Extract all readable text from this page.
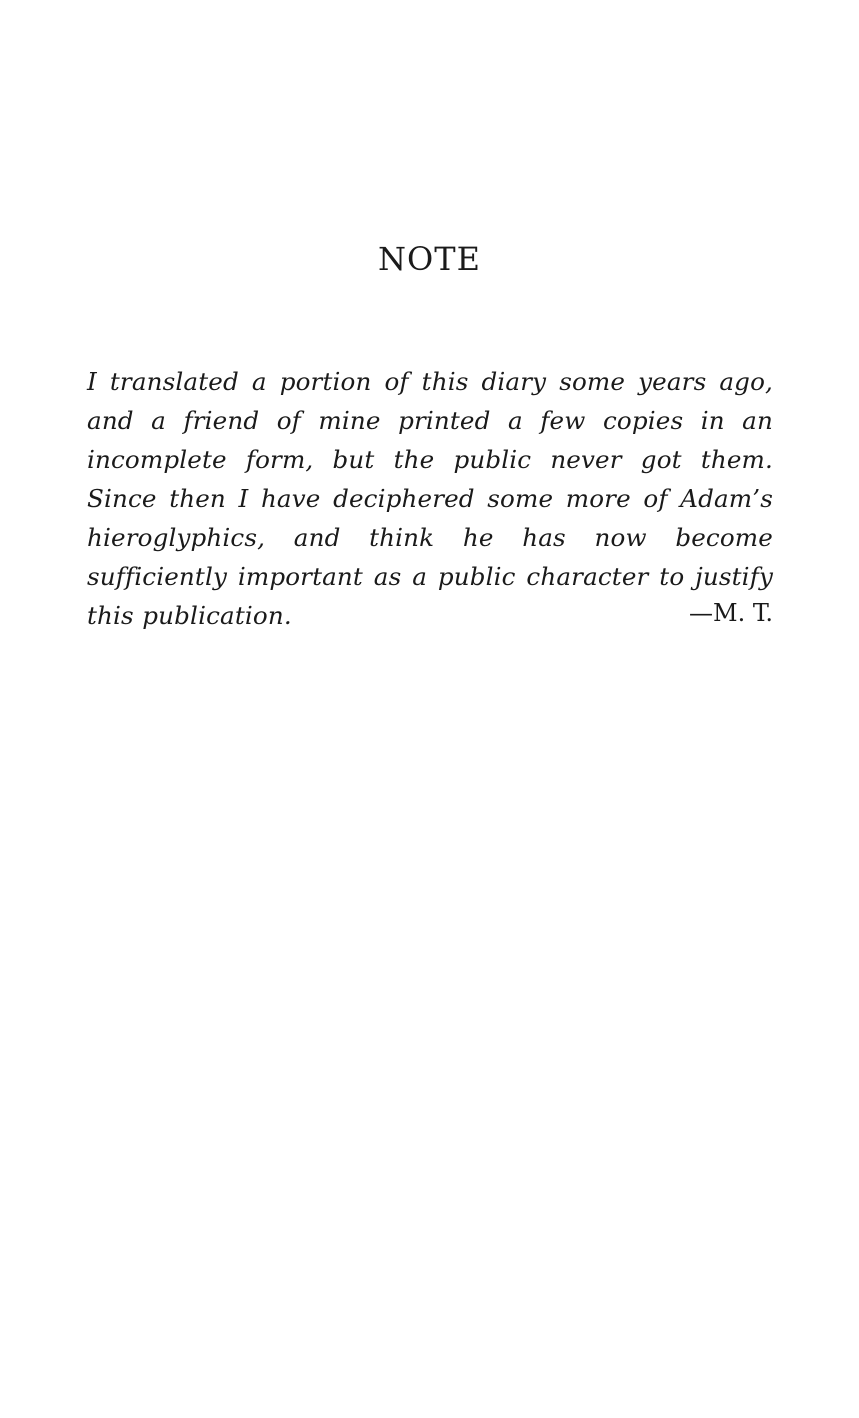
NOTE

I translated a portion of this diary some years ago, and a friend of mine printed a few copies in an incomplete form, but the public never got them. Since then I have deciphered some more of Adam’s hieroglyphics, and think he has now become sufficiently important as a public character to justify this publication.	—M. T.
